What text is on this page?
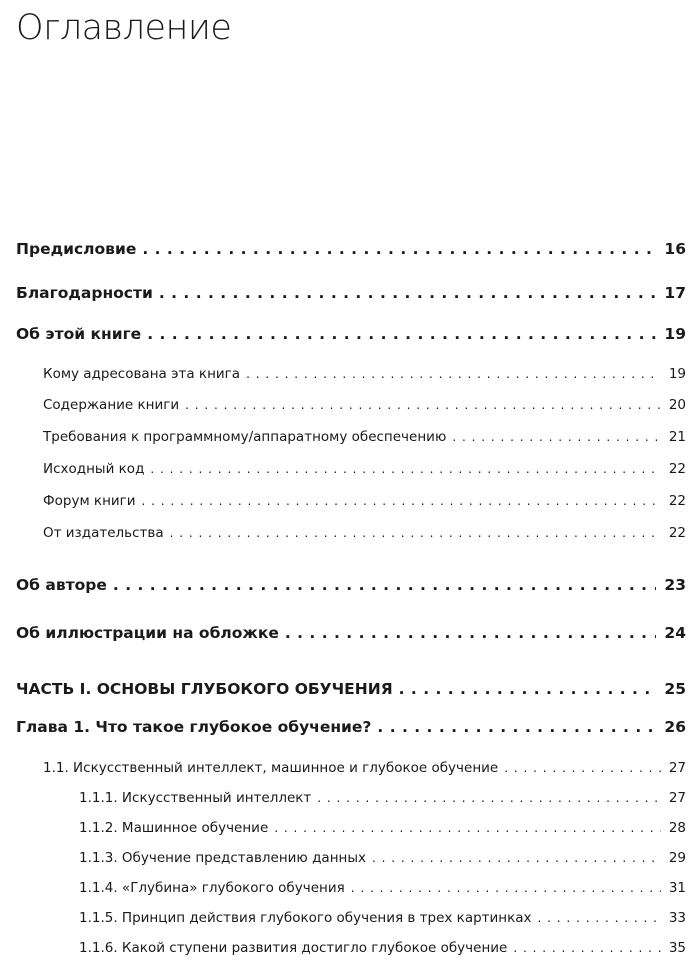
Оглавление
Предисловие . . .	16
Благодарности . . .	17
Об этой книге . . .	19
Кому адресована эта книга . . .	19
Содержание книги . . .	20
Требования к программному/аппаратному обеспечению . . .	21
Исходный код . . .	22
Форум книги . . .	22
От издательства . . .	22
Об авторе . . .	23
Об иллюстрации на обложке . . .	24
ЧАСТЬ I. ОСНОВЫ ГЛУБОКОГО ОБУЧЕНИЯ . . .	25
Глава 1. Что такое глубокое обучение? . . .	26
1.1. Искусственный интеллект, машинное и глубокое обучение . . .	27
1.1.1. Искусственный интеллект . . .	27
1.1.2. Машинное обучение . . .	28
1.1.3. Обучение представлению данных . . .	29
1.1.4. «Глубина» глубокого обучения . . .	31
1.1.5. Принцип действия глубокого обучения в трех картинках . . .	33
1.1.6. Какой ступени развития достигло глубокое обучение . . .	35
